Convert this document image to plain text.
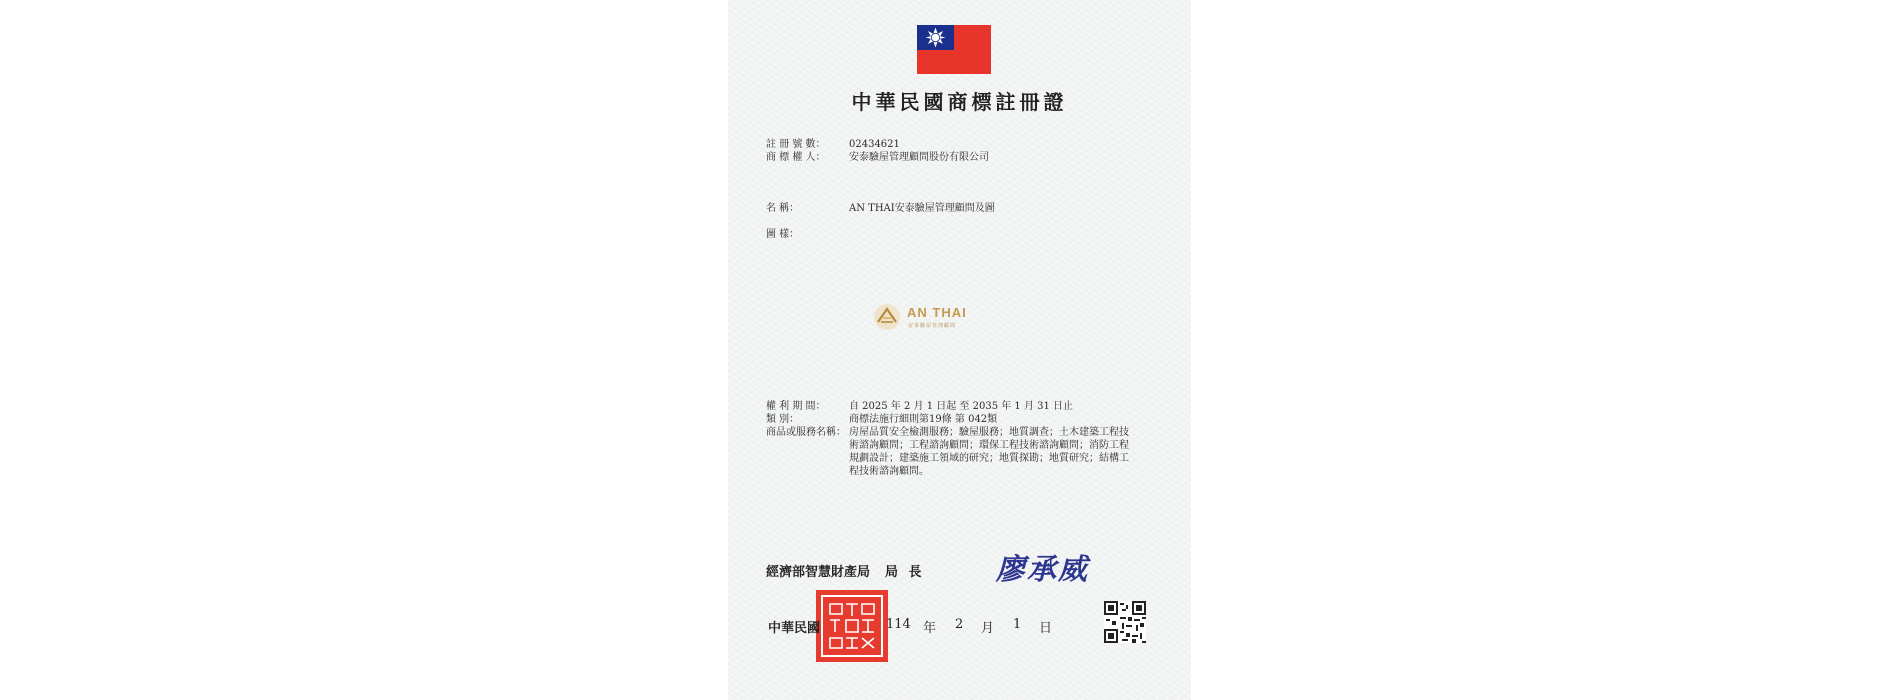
中華民國商標註冊證
註 冊 號 數： 02434621
商 標 權 人： 安泰驗屋管理顧問股份有限公司
名 稱：	AN THAI安泰驗屋管理顧問及圖
圖 樣：
AN THAI
安泰驗屋管理顧問
權 利 期 間： 自 2025 年 2 月 1 日起 至 2035 年 1 月 31 日止
類 別：	商標法施行細則第19條 第 042類
商品或服務名稱： 房屋品質安全檢測服務；驗屋服務；地質調查；土木建築工程技術諮詢顧問；工程諮詢顧問；環保工程技術諮詢顧問；消防工程規劃設計；建築施工領域的研究；地質探勘；地質研究；結構工程技術諮詢顧問。
經濟部智慧財產局 局 長 廖承威
中華民國	114 年 2 月 1 日
